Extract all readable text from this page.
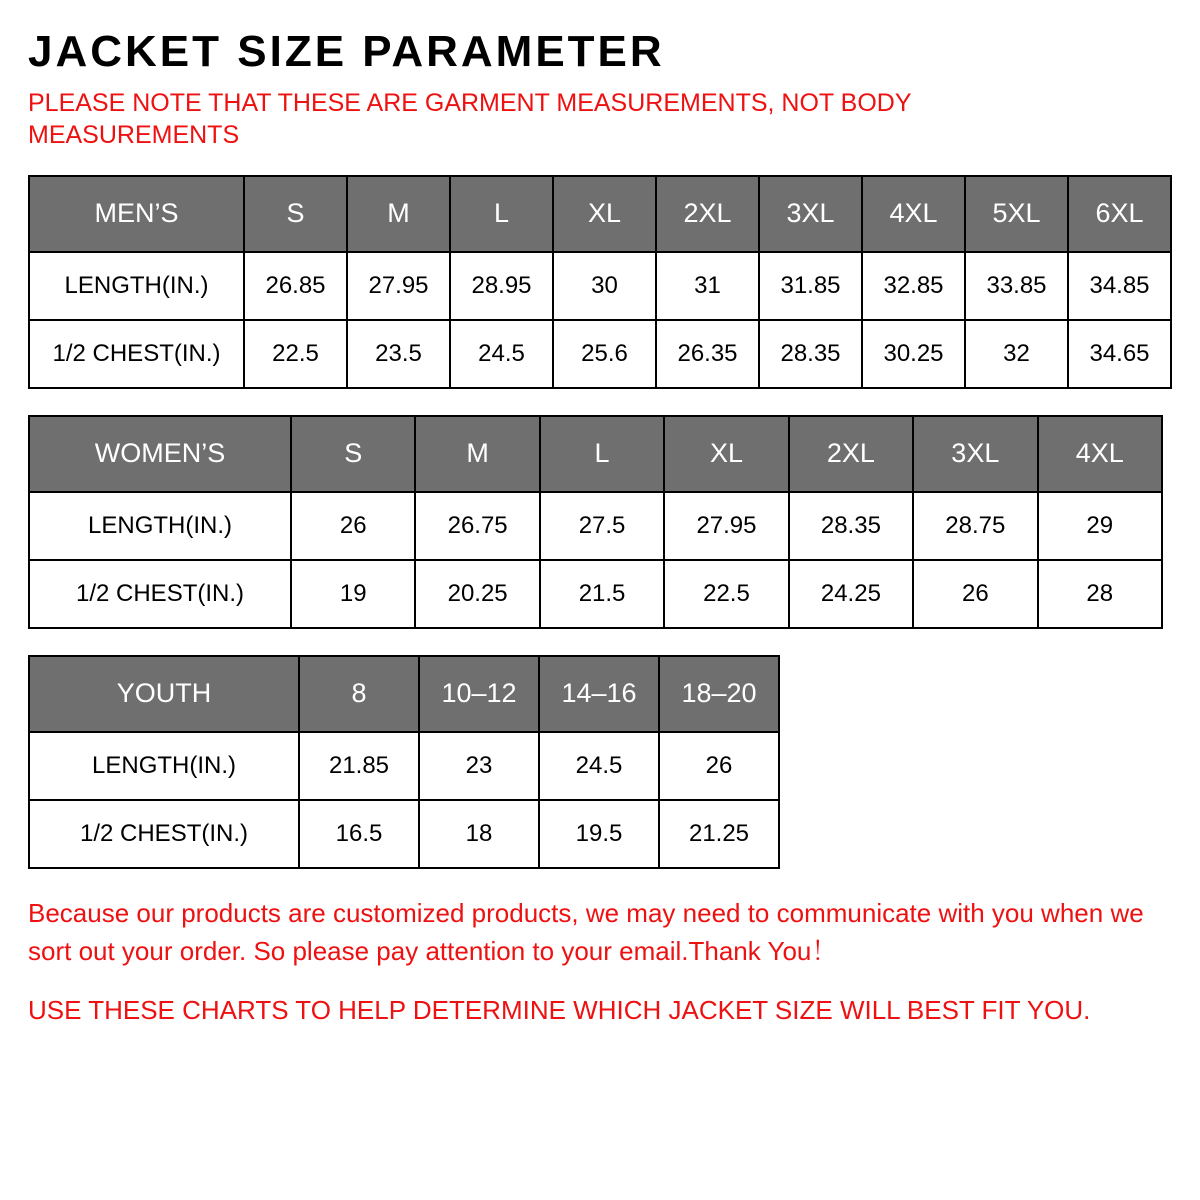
JACKET SIZE PARAMETER
PLEASE NOTE THAT THESE ARE GARMENT MEASUREMENTS, NOT BODY MEASUREMENTS
MEN’S	S	M	L	XL	2XL	3XL	4XL	5XL	6XL
LENGTH(IN.)	26.85	27.95	28.95	30	31	31.85	32.85	33.85	34.85
1/2 CHEST(IN.)	22.5	23.5	24.5	25.6	26.35	28.35	30.25	32	34.65
WOMEN’S	S	M	L	XL	2XL	3XL	4XL
LENGTH(IN.)	26	26.75	27.5	27.95	28.35	28.75	29
1/2 CHEST(IN.)	19	20.25	21.5	22.5	24.25	26	28
YOUTH	8	10–12	14–16	18–20
LENGTH(IN.)	21.85	23	24.5	26
1/2 CHEST(IN.)	16.5	18	19.5	21.25

Because our products are customized products, we may need to communicate with you when we sort out your order. So please pay attention to your email.Thank You！

USE THESE CHARTS TO HELP DETERMINE WHICH JACKET SIZE WILL BEST FIT YOU.
